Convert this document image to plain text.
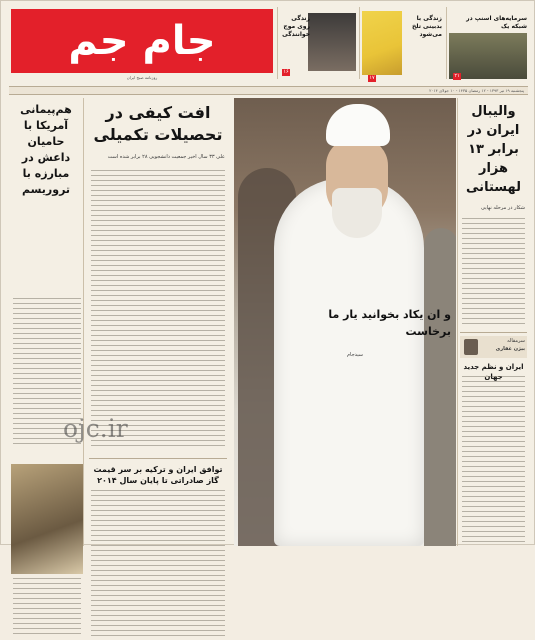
جام جم
روزنامه صبح ایران
زندگی روی موج خوانندگی
۱۶
زندگی با بدبینی تلخ می‌شود
۱۷
سرمایه‌های اسنپ در شبکه یک
۲۱
پنجشنبه ۱۹ تیر ۱۳۹۳ - ۱۲ رمضان ۱۴۳۵ - ۱۰ جولای ۲۰۱۴
هم‌پیمانی آمریکا با حامیان داعش در مبارزه با تروریسم
افت کیفی در تحصیلات تکمیلی
علی ۳۳ سال اخیر جمعیت دانشجویی ۲۸ برابر شده است
توافق ایران و ترکیه بر سر قیمت گاز صادراتی تا پایان سال ۲۰۱۴
و ان یکاد بخوانید یار ما برخاست
سیدجام
والیبال ایران در برابر ۱۳ هزار لهستانی
شکار در مرحله نهایی
سرمقاله
بیژن غفاری
ایران و نظم جدید جهان
ojc.ir
